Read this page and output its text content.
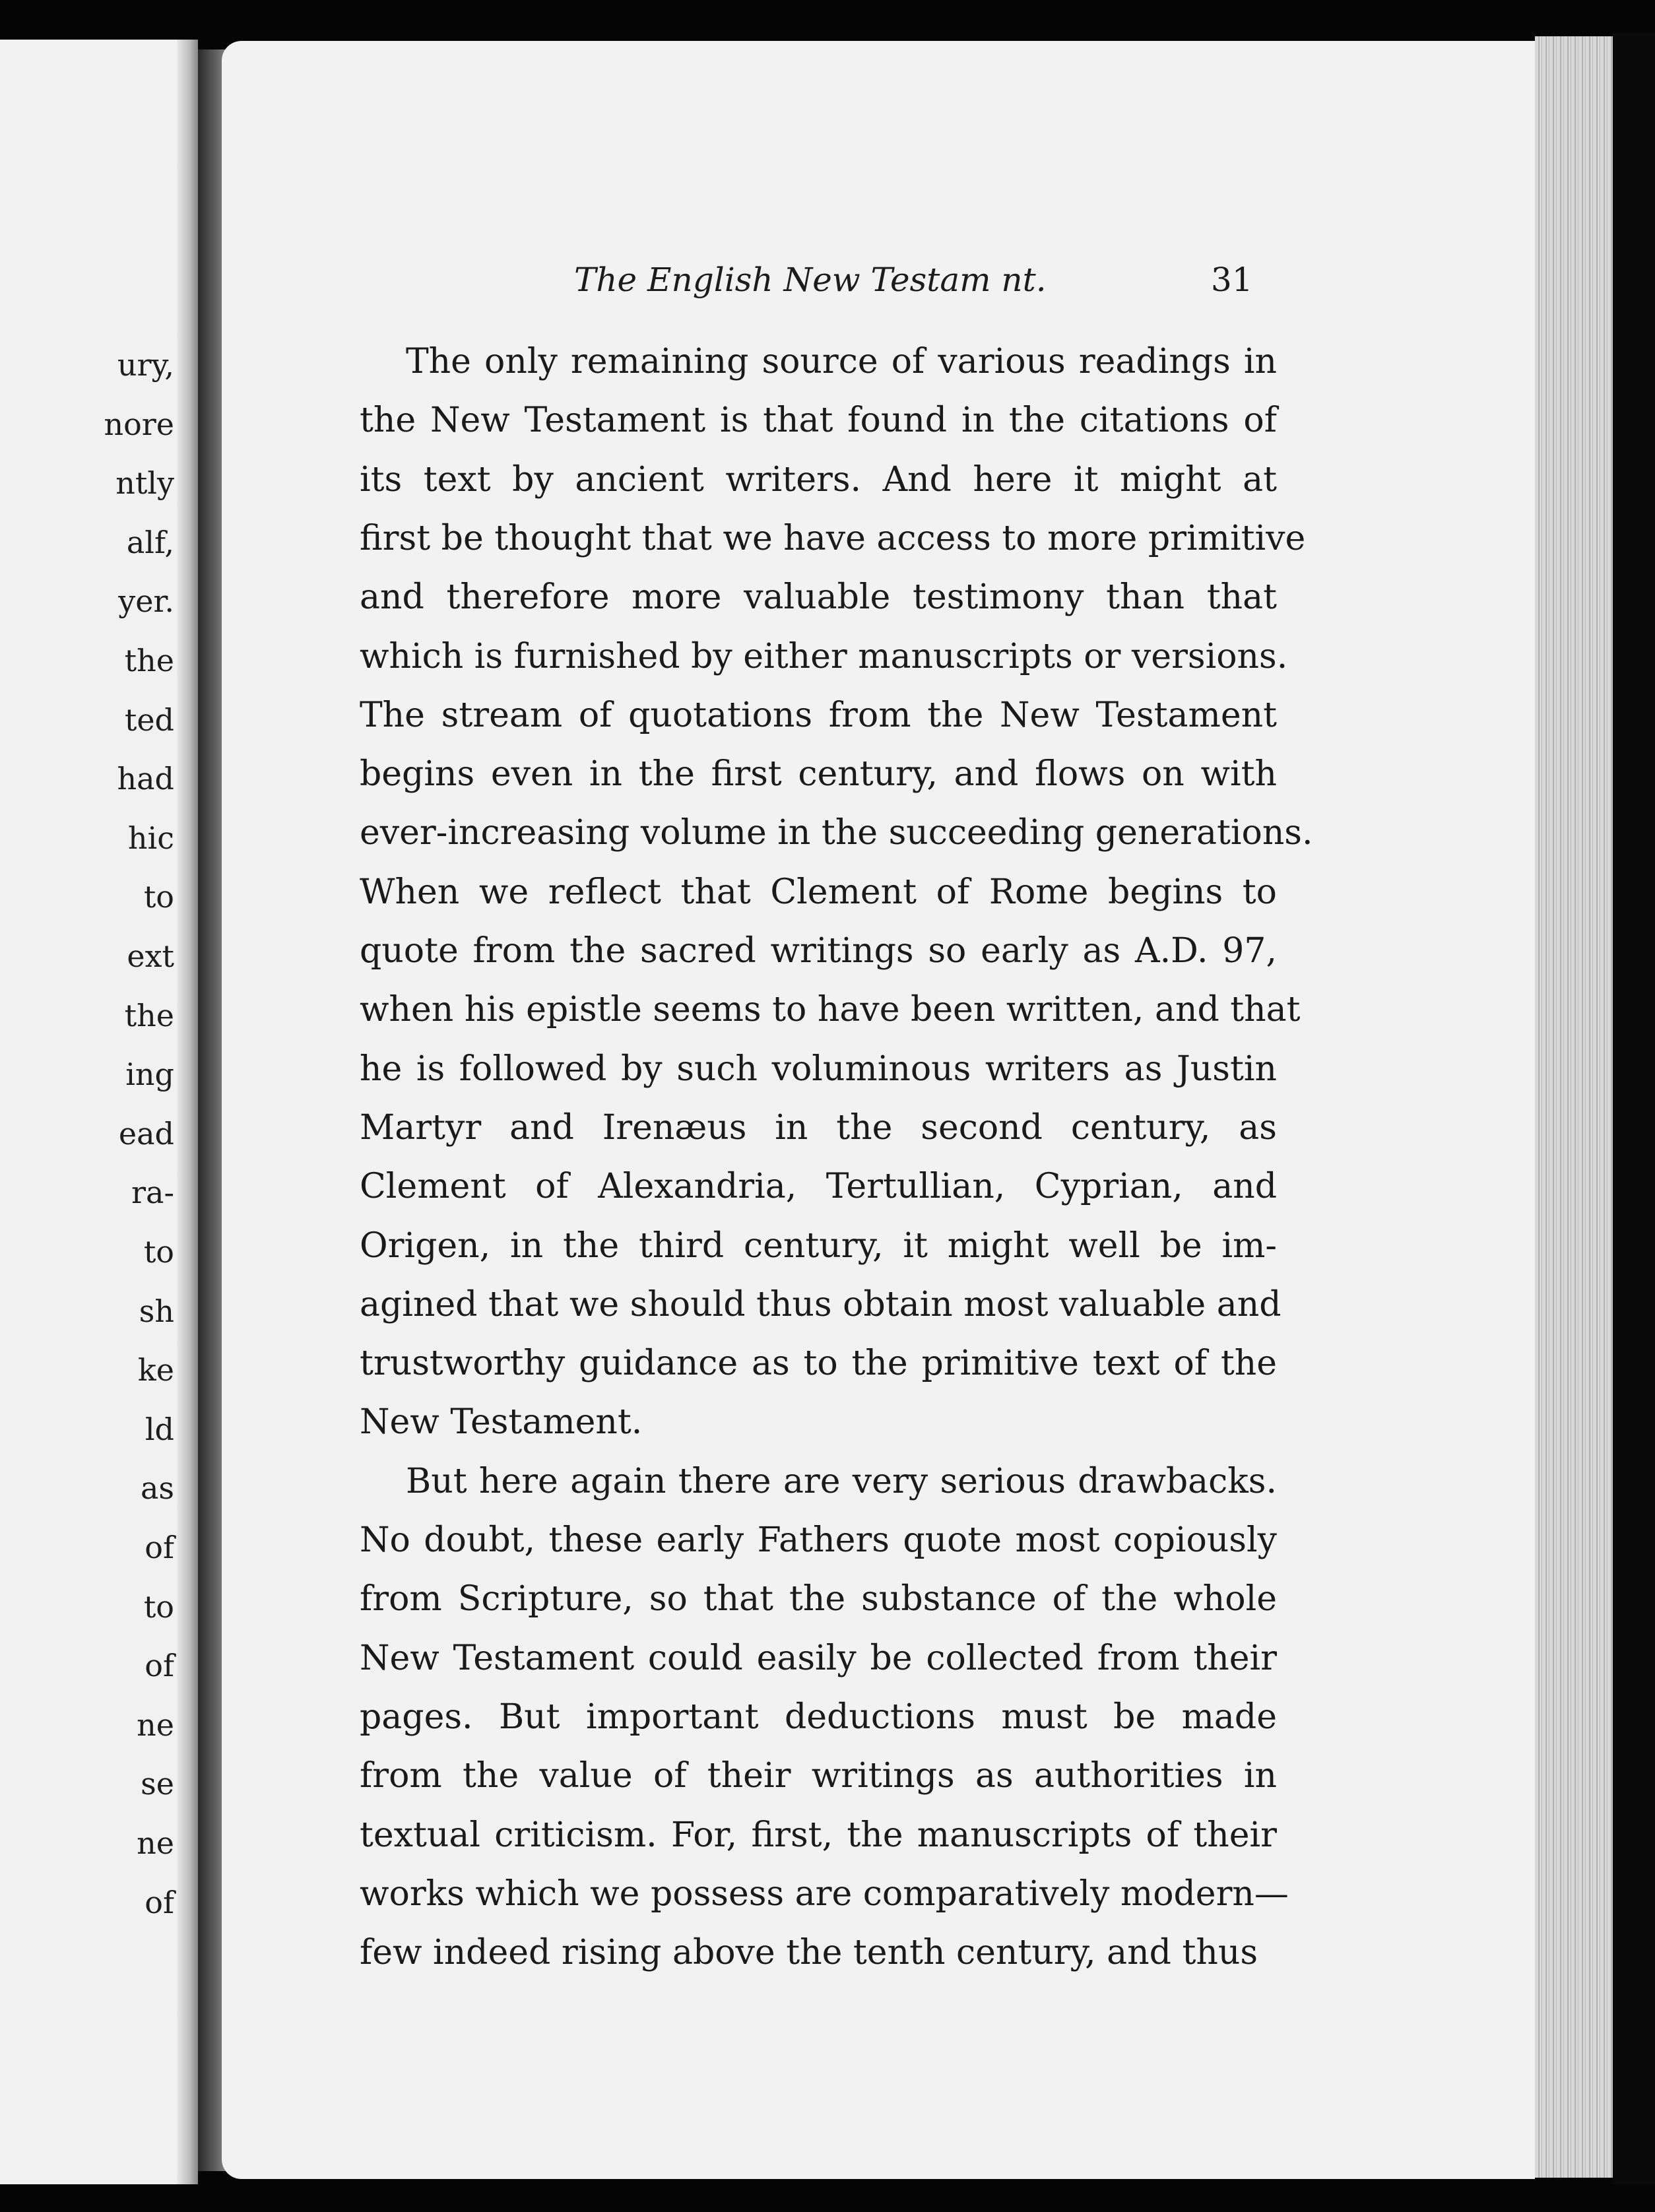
ury,
nore
ntly
alf,
yer.
the
ted
had
hic
to
ext
the
ing
ead
ra-
to
sh
ke
ld
as
of
to
of
ne
se
ne
of
The English New Testam nt.	31
The only remaining source of various readings in
the New Testament is that found in the citations of
its text by ancient writers. And here it might at
first be thought that we have access to more primitive
and therefore more valuable testimony than that
which is furnished by either manuscripts or versions.
The stream of quotations from the New Testament
begins even in the first century, and flows on with
ever-increasing volume in the succeeding generations.
When we reflect that Clement of Rome begins to
quote from the sacred writings so early as A.D. 97,
when his epistle seems to have been written, and that
he is followed by such voluminous writers as Justin
Martyr and Irenæus in the second century, as
Clement of Alexandria, Tertullian, Cyprian, and
Origen, in the third century, it might well be im-
agined that we should thus obtain most valuable and
trustworthy guidance as to the primitive text of the
New Testament.
But here again there are very serious drawbacks.
No doubt, these early Fathers quote most copiously
from Scripture, so that the substance of the whole
New Testament could easily be collected from their
pages. But important deductions must be made
from the value of their writings as authorities in
textual criticism. For, first, the manuscripts of their
works which we possess are comparatively modern—
few indeed rising above the tenth century, and thus
